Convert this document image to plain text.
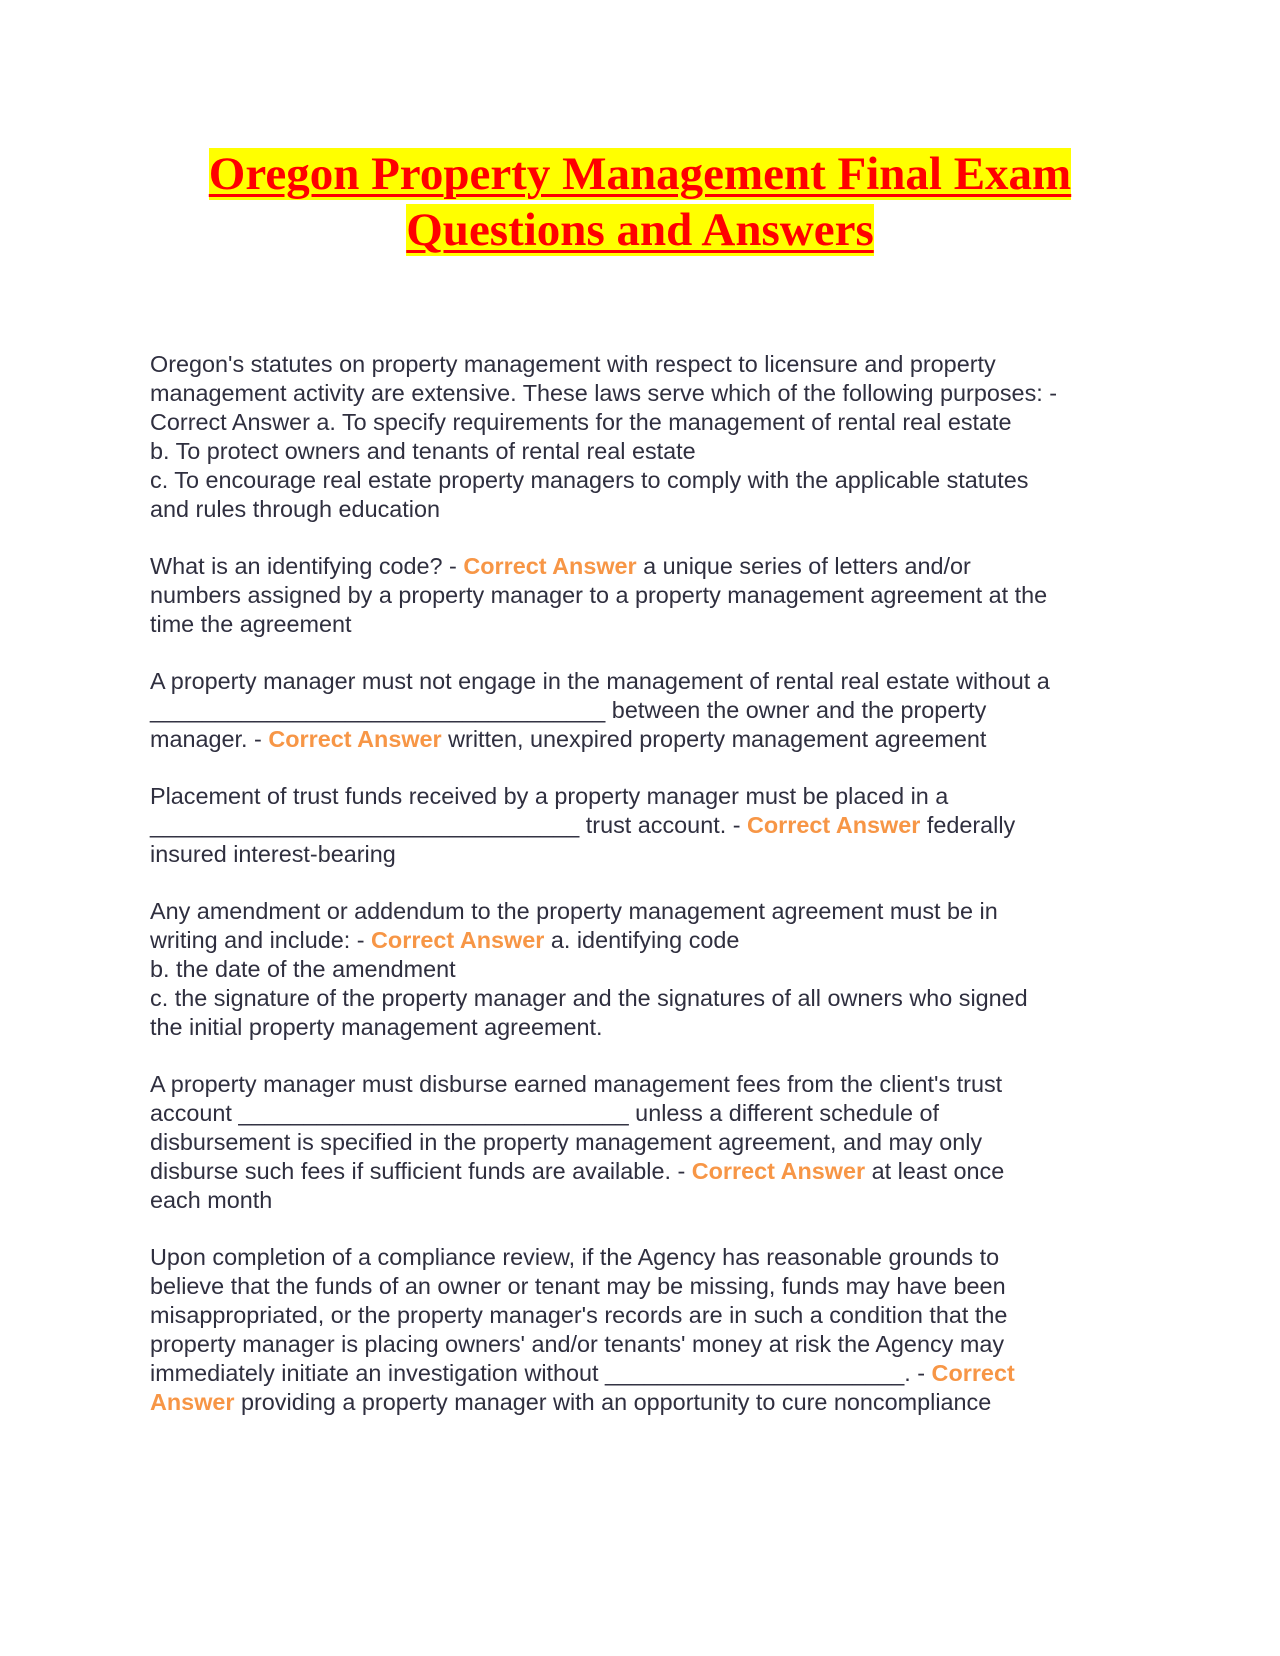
Oregon Property Management Final Exam
Questions and Answers
Oregon's statutes on property management with respect to licensure and property
management activity are extensive. These laws serve which of the following purposes: -
Correct Answer a. To specify requirements for the management of rental real estate
b. To protect owners and tenants of rental real estate
c. To encourage real estate property managers to comply with the applicable statutes
and rules through education
What is an identifying code? - Correct Answer a unique series of letters and/or
numbers assigned by a property manager to a property management agreement at the
time the agreement
A property manager must not engage in the management of rental real estate without a
___________________________________ between the owner and the property
manager. - Correct Answer written, unexpired property management agreement
Placement of trust funds received by a property manager must be placed in a
_________________________________ trust account. - Correct Answer federally
insured interest-bearing
Any amendment or addendum to the property management agreement must be in
writing and include: - Correct Answer a. identifying code
b. the date of the amendment
c. the signature of the property manager and the signatures of all owners who signed
the initial property management agreement.
A property manager must disburse earned management fees from the client's trust
account ______________________________ unless a different schedule of
disbursement is specified in the property management agreement, and may only
disburse such fees if sufficient funds are available. - Correct Answer at least once
each month
Upon completion of a compliance review, if the Agency has reasonable grounds to
believe that the funds of an owner or tenant may be missing, funds may have been
misappropriated, or the property manager's records are in such a condition that the
property manager is placing owners' and/or tenants' money at risk the Agency may
immediately initiate an investigation without _______________________. - Correct
Answer providing a property manager with an opportunity to cure noncompliance
